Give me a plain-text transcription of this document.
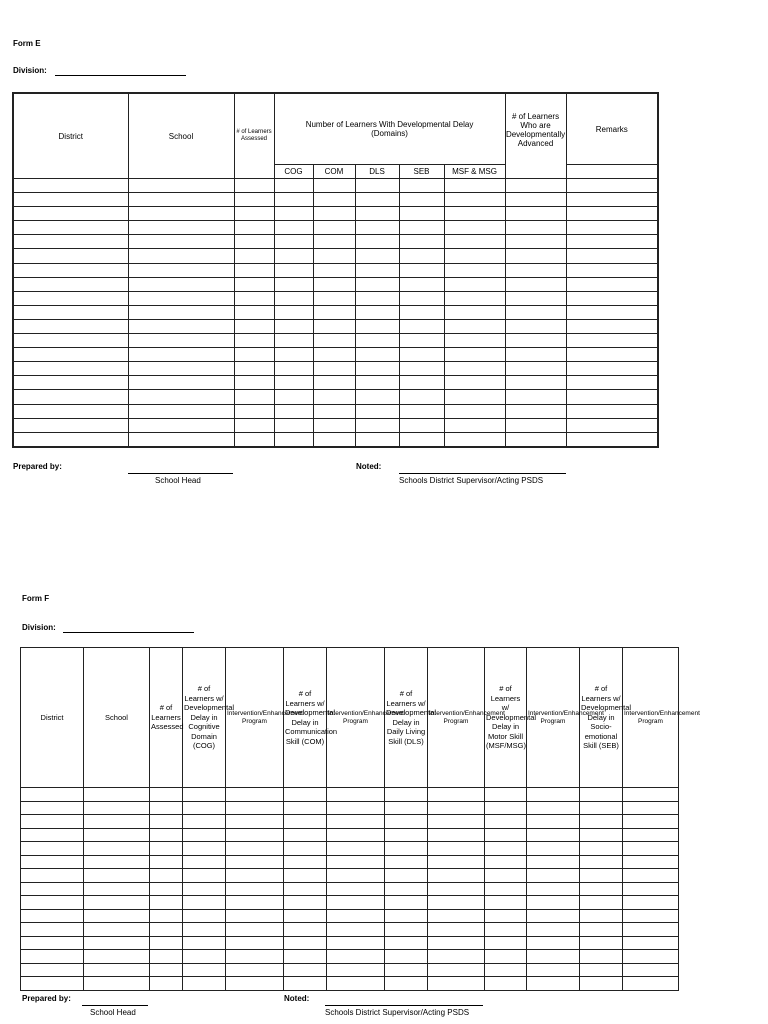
Form E
Division:
District	School	# of Learners Assessed	Number of Learners With Developmental Delay (Domains)					# of Learners Who are Developmentally Advanced	Remarks
			COG	COM	DLS	SEB	MSF & MSG		

Prepared by:
School Head
Noted:
Schools District Supervisor/Acting PSDS
Form F
Division:
District	School	# of Learners Assessed	# of Learners w/ Developmental Delay in Cognitive Domain (COG)	Intervention/Enhancement Program	# of Learners w/ Developmental Delay in Communication Skill (COM)	Intervention/Enhancement Program	# of Learners w/ Developmental Delay in Daily Living Skill (DLS)	Intervention/Enhancement Program	# of Learners w/ Developmental Delay in Motor Skill (MSF/MSG)	Intervention/Enhancement Program	# of Learners w/ Developmental Delay in Socio-emotional Skill (SEB)	Intervention/Enhancement Program

Prepared by:
School Head
Noted:
Schools District Supervisor/Acting PSDS
